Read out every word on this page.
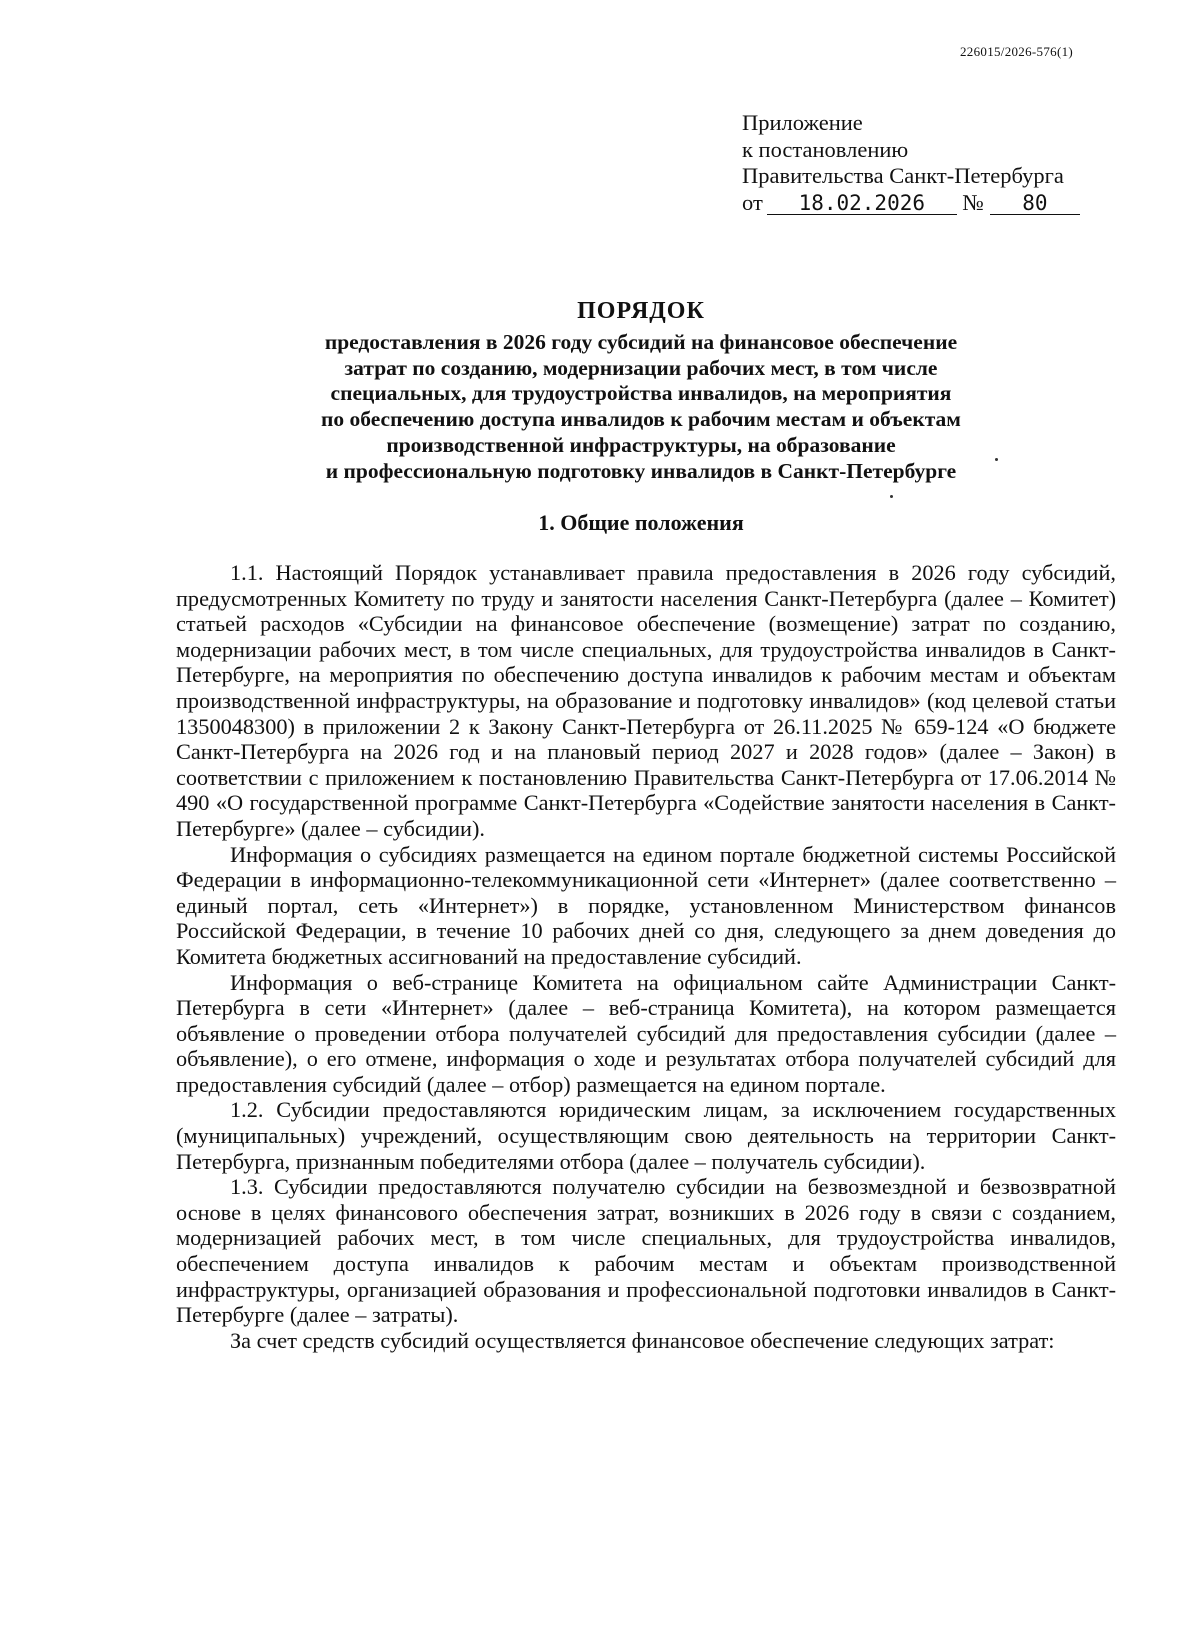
226015/2026-576(1)
Приложение
к постановлению
Правительства Санкт-Петербурга
от 18.02.2026 № 80
ПОРЯДОК
предоставления в 2026 году субсидий на финансовое обеспечение
затрат по созданию, модернизации рабочих мест, в том числе
специальных, для трудоустройства инвалидов, на мероприятия
по обеспечению доступа инвалидов к рабочим местам и объектам
производственной инфраструктуры, на образование
и профессиональную подготовку инвалидов в Санкт-Петербурге
1. Общие положения

1.1. Настоящий Порядок устанавливает правила предоставления в 2026 году субсидий, предусмотренных Комитету по труду и занятости населения Санкт-Петербурга (далее – Комитет) статьей расходов «Субсидии на финансовое обеспечение (возмещение) затрат по созданию, модернизации рабочих мест, в том числе специальных, для трудоустройства инвалидов в Санкт-Петербурге, на мероприятия по обеспечению доступа инвалидов к рабочим местам и объектам производственной инфраструктуры, на образование и подготовку инвалидов» (код целевой статьи 1350048300) в приложении 2 к Закону Санкт-Петербурга от 26.11.2025 № 659-124 «О бюджете Санкт-Петербурга на 2026 год и на плановый период 2027 и 2028 годов» (далее – Закон) в соответствии с приложением к постановлению Правительства Санкт-Петербурга от 17.06.2014 № 490 «О государственной программе Санкт-Петербурга «Содействие занятости населения в Санкт-Петербурге» (далее – субсидии).

Информация о субсидиях размещается на едином портале бюджетной системы Российской Федерации в информационно-телекоммуникационной сети «Интернет» (далее соответственно – единый портал, сеть «Интернет») в порядке, установленном Министерством финансов Российской Федерации, в течение 10 рабочих дней со дня, следующего за днем доведения до Комитета бюджетных ассигнований на предоставление субсидий.

Информация о веб-странице Комитета на официальном сайте Администрации Санкт-Петербурга в сети «Интернет» (далее – веб-страница Комитета), на котором размещается объявление о проведении отбора получателей субсидий для предоставления субсидии (далее – объявление), о его отмене, информация о ходе и результатах отбора получателей субсидий для предоставления субсидий (далее – отбор) размещается на едином портале.

1.2. Субсидии предоставляются юридическим лицам, за исключением государственных (муниципальных) учреждений, осуществляющим свою деятельность на территории Санкт-Петербурга, признанным победителями отбора (далее – получатель субсидии).

1.3. Субсидии предоставляются получателю субсидии на безвозмездной и безвозвратной основе в целях финансового обеспечения затрат, возникших в 2026 году в связи с созданием, модернизацией рабочих мест, в том числе специальных, для трудоустройства инвалидов, обеспечением доступа инвалидов к рабочим местам и объектам производственной инфраструктуры, организацией образования и профессиональной подготовки инвалидов в Санкт-Петербурге (далее – затраты).

За счет средств субсидий осуществляется финансовое обеспечение следующих затрат:
